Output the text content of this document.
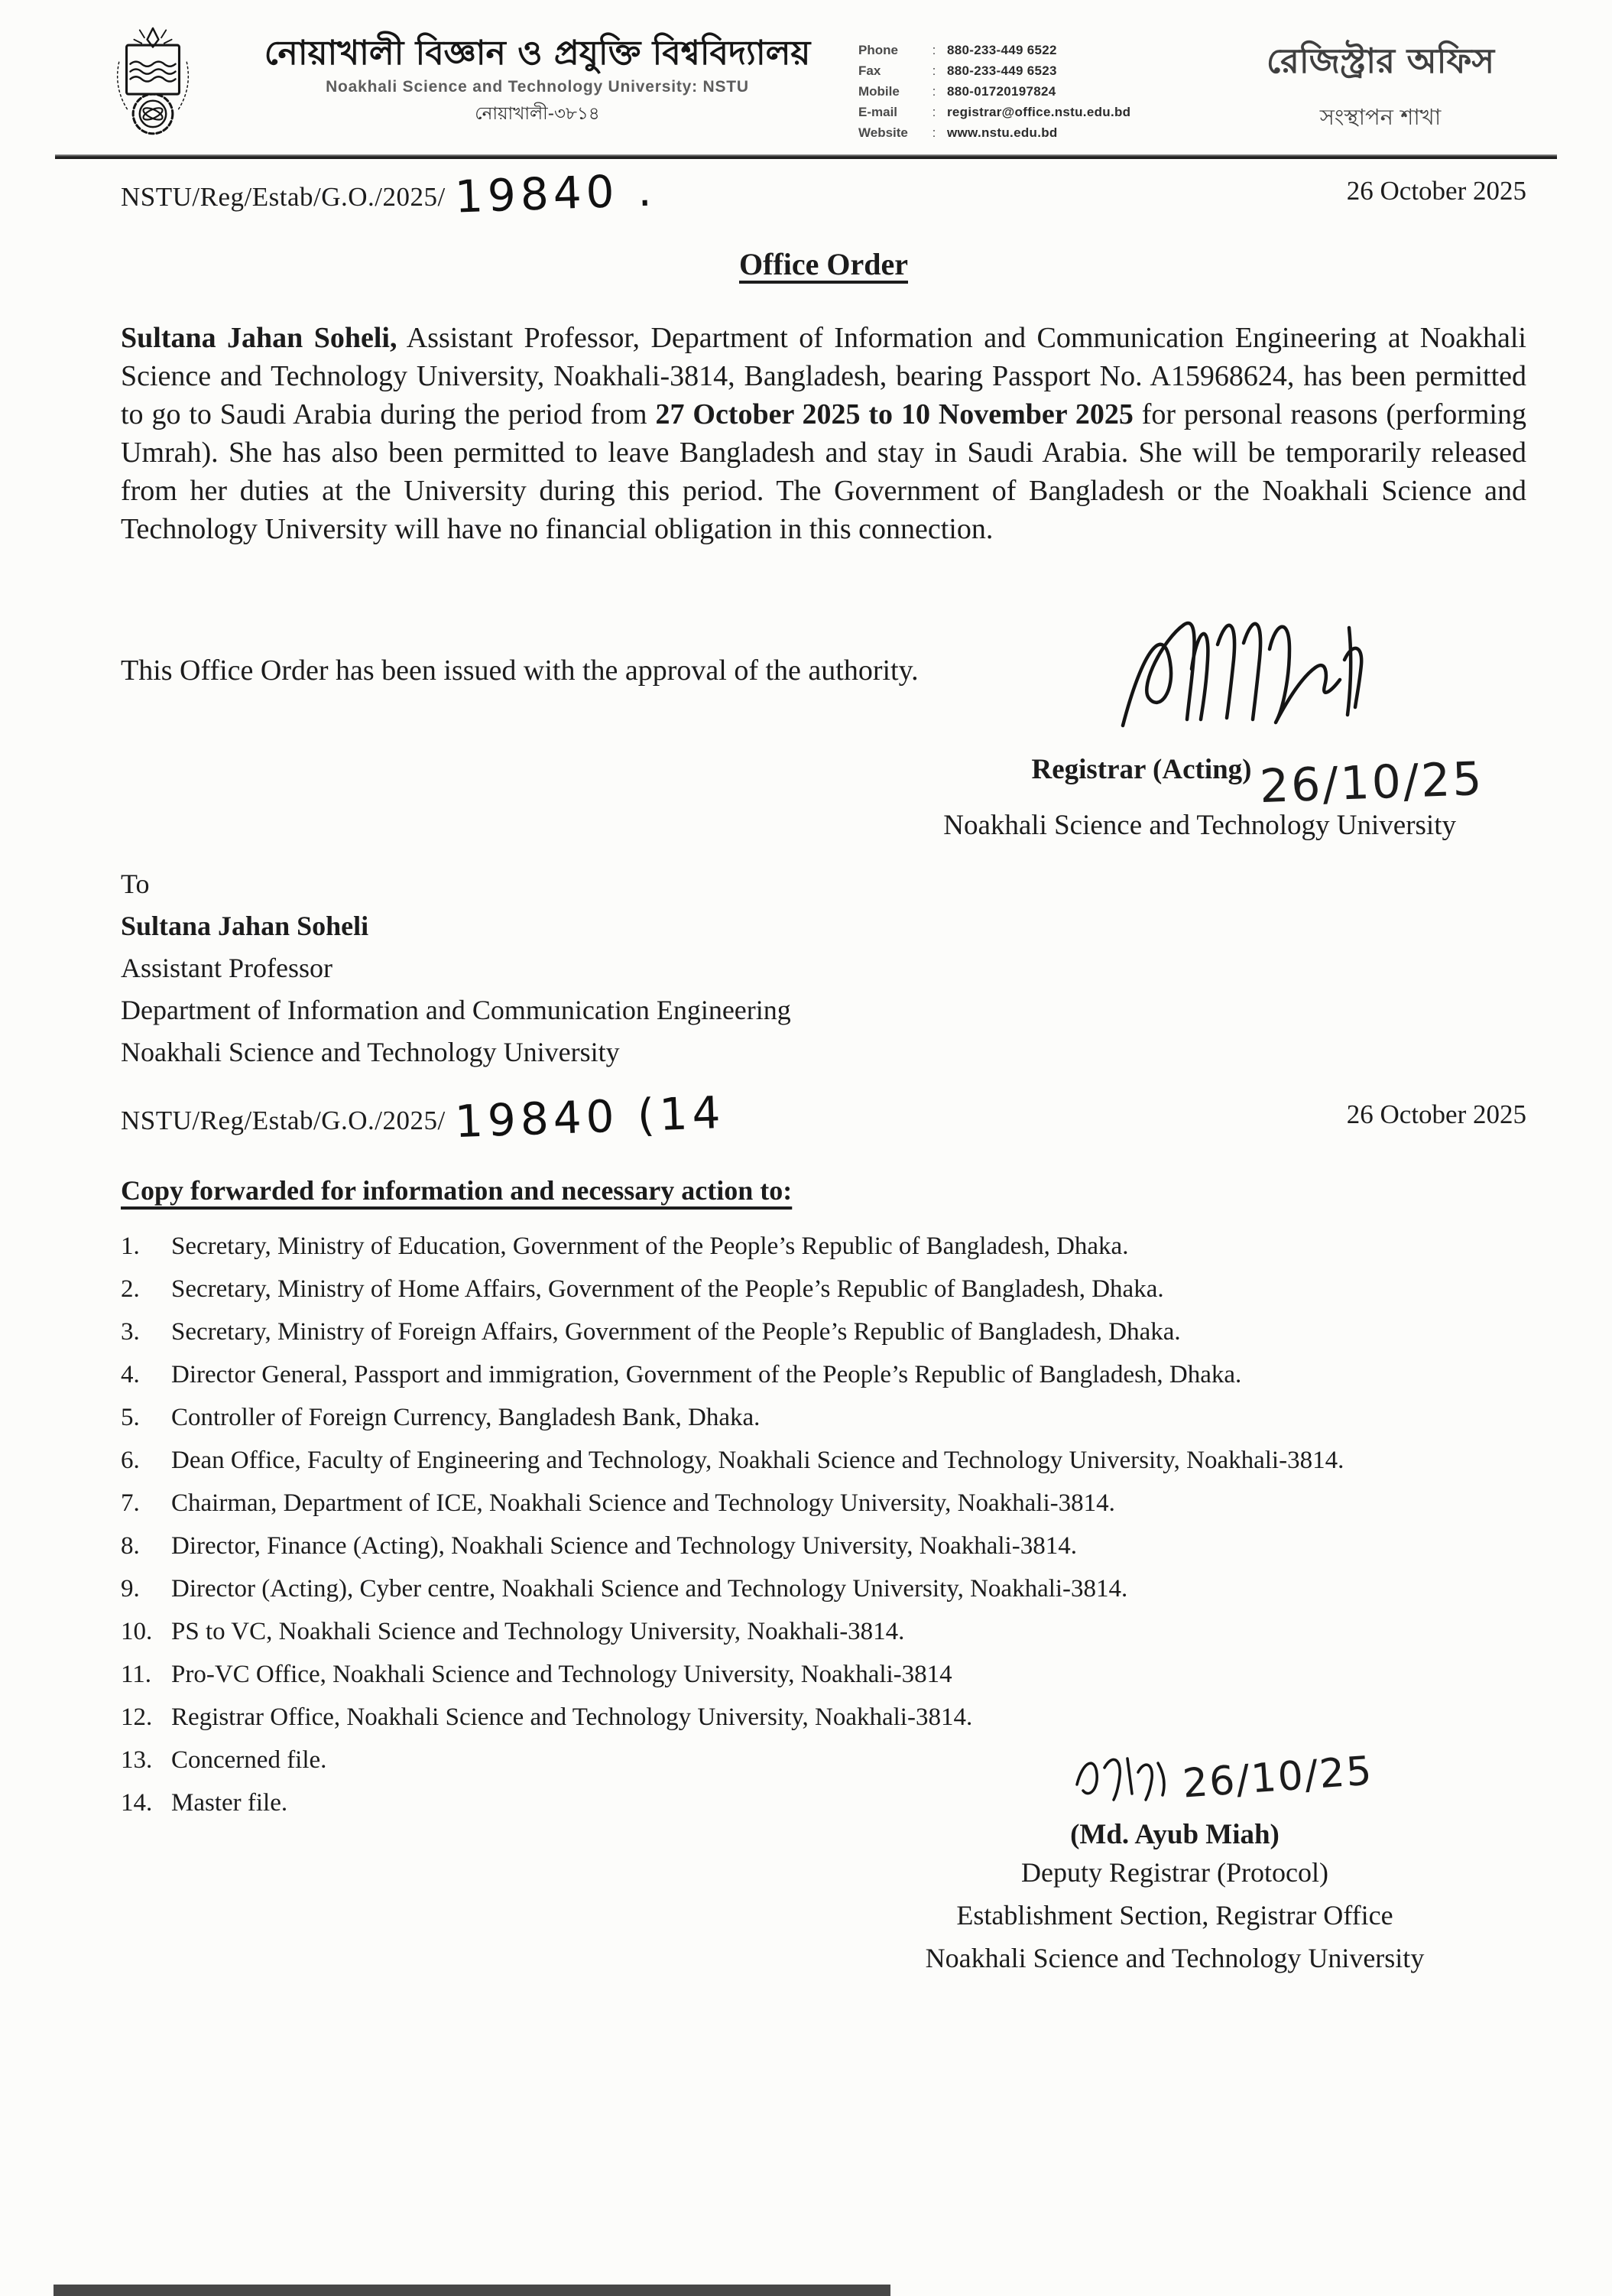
নোয়াখালী বিজ্ঞান ও প্রযুক্তি বিশ্ববিদ্যালয়
Noakhali Science and Technology University: NSTU
নোয়াখালী-৩৮১৪
Phone	: 880-233-449 6522
Fax	: 880-233-449 6523
Mobile	: 880-01720197824
E-mail	: registrar@office.nstu.edu.bd
Website	: www.nstu.edu.bd
রেজিস্ট্রার অফিস
সংস্থাপন শাখা
NSTU/Reg/Estab/G.O./2025/ 19840 .	26 October 2025
Office Order

Sultana Jahan Soheli, Assistant Professor, Department of Information and Communication Engineering at Noakhali Science and Technology University, Noakhali-3814, Bangladesh, bearing Passport No. A15968624, has been permitted to go to Saudi Arabia during the period from 27 October 2025 to 10 November 2025 for personal reasons (performing Umrah). She has also been permitted to leave Bangladesh and stay in Saudi Arabia. She will be temporarily released from her duties at the University during this period. The Government of Bangladesh or the Noakhali Science and Technology University will have no financial obligation in this connection.

This Office Order has been issued with the approval of the authority.

Registrar (Acting) 26/10/25
Noakhali Science and Technology University
To
Sultana Jahan Soheli
Assistant Professor
Department of Information and Communication Engineering
Noakhali Science and Technology University
NSTU/Reg/Estab/G.O./2025/ 19840 (14	26 October 2025
Copy forwarded for information and necessary action to:
1.	Secretary, Ministry of Education, Government of the People’s Republic of Bangladesh, Dhaka.
2.	Secretary, Ministry of Home Affairs, Government of the People’s Republic of Bangladesh, Dhaka.
3.	Secretary, Ministry of Foreign Affairs, Government of the People’s Republic of Bangladesh, Dhaka.
4.	Director General, Passport and immigration, Government of the People’s Republic of Bangladesh, Dhaka.
5.	Controller of Foreign Currency, Bangladesh Bank, Dhaka.
6.	Dean Office, Faculty of Engineering and Technology, Noakhali Science and Technology University, Noakhali-3814.
7.	Chairman, Department of ICE, Noakhali Science and Technology University, Noakhali-3814.
8.	Director, Finance (Acting), Noakhali Science and Technology University, Noakhali-3814.
9.	Director (Acting), Cyber centre, Noakhali Science and Technology University, Noakhali-3814.
10. PS to VC, Noakhali Science and Technology University, Noakhali-3814.
11. Pro-VC Office, Noakhali Science and Technology University, Noakhali-3814
12. Registrar Office, Noakhali Science and Technology University, Noakhali-3814.
13. Concerned file.
14. Master file.	26/10/25
(Md. Ayub Miah)
Deputy Registrar (Protocol)
Establishment Section, Registrar Office
Noakhali Science and Technology University
